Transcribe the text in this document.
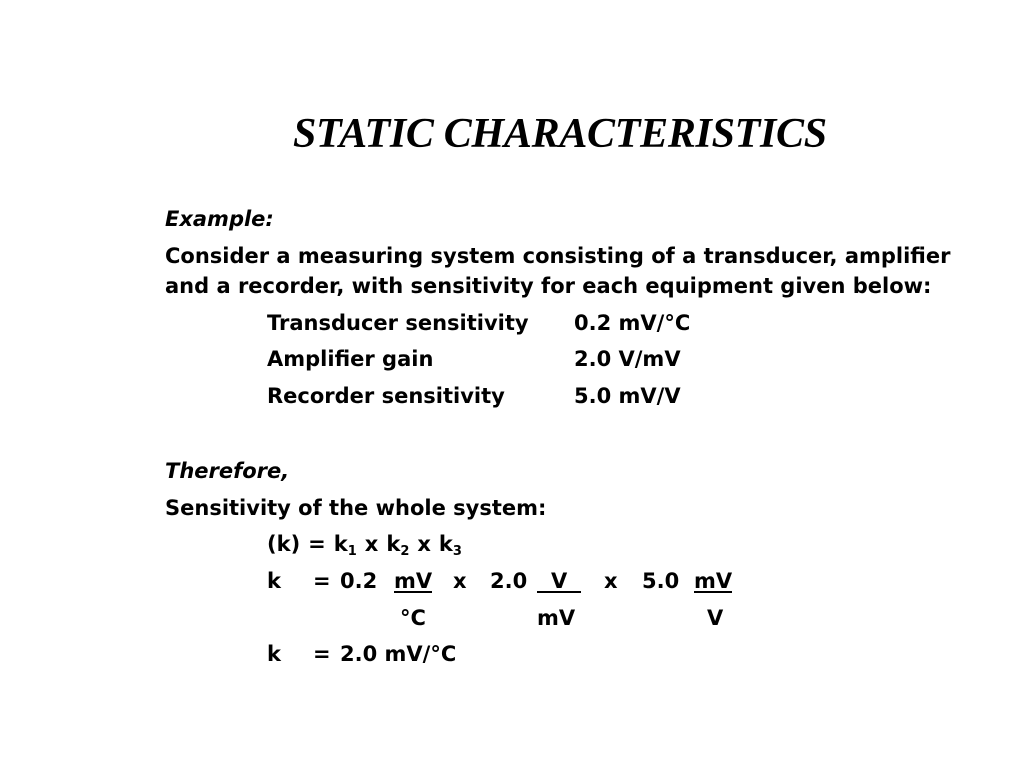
STATIC CHARACTERISTICS
Example:
Consider a measuring system consisting of a transducer, amplifier
and a recorder, with sensitivity for each equipment given below:
Transducer sensitivity 0.2 mV/°C
Amplifier gain	2.0 V/mV
Recorder sensitivity	5.0 mV/V
Therefore,
Sensitivity of the whole system:
$(k) = k_1$ x $k_2$ x $k_3$
k = 0.2 mV
°C
x 2.0	V
mV
x 5.0 mV
V
k = 2.0 mV/°C
